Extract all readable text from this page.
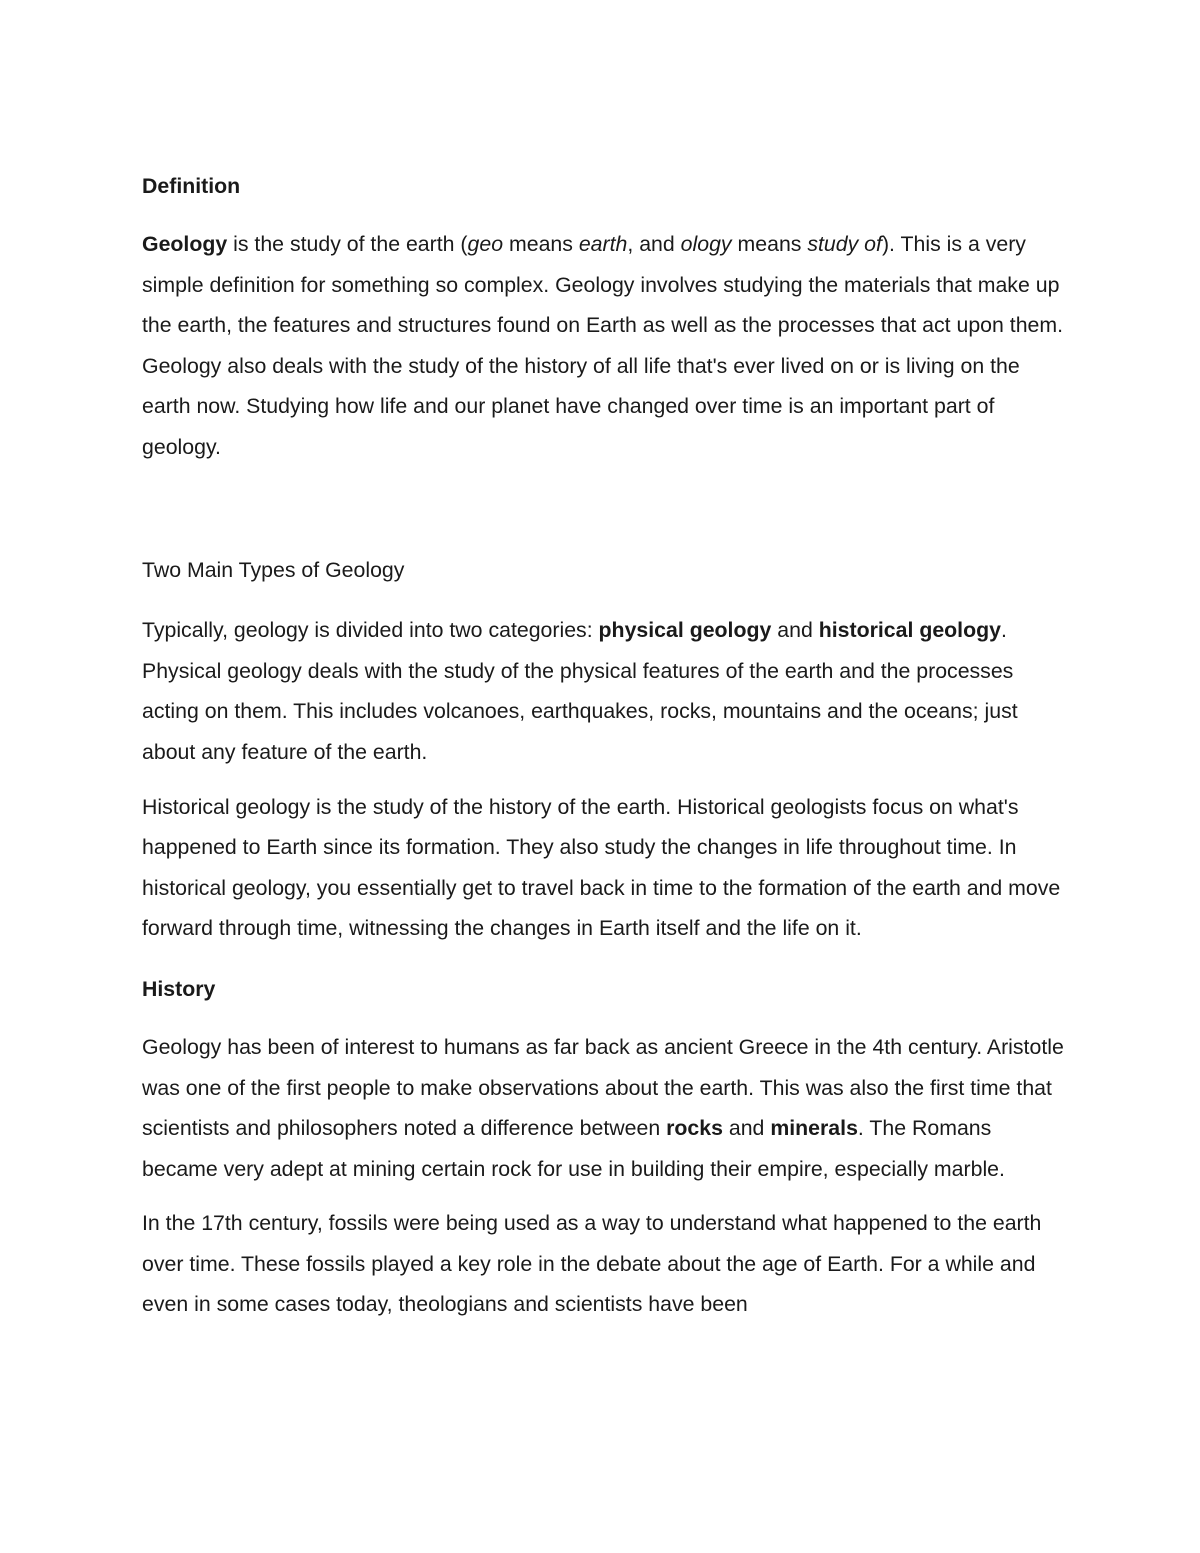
Definition

Geology is the study of the earth (geo means earth, and ology means study of). This is a very simple definition for something so complex. Geology involves studying the materials that make up the earth, the features and structures found on Earth as well as the processes that act upon them. Geology also deals with the study of the history of all life that's ever lived on or is living on the earth now. Studying how life and our planet have changed over time is an important part of geology.

Two Main Types of Geology

Typically, geology is divided into two categories: physical geology and historical geology. Physical geology deals with the study of the physical features of the earth and the processes acting on them. This includes volcanoes, earthquakes, rocks, mountains and the oceans; just about any feature of the earth.

Historical geology is the study of the history of the earth. Historical geologists focus on what's happened to Earth since its formation. They also study the changes in life throughout time. In historical geology, you essentially get to travel back in time to the formation of the earth and move forward through time, witnessing the changes in Earth itself and the life on it.

History

Geology has been of interest to humans as far back as ancient Greece in the 4th century. Aristotle was one of the first people to make observations about the earth. This was also the first time that scientists and philosophers noted a difference between rocks and minerals. The Romans became very adept at mining certain rock for use in building their empire, especially marble.

In the 17th century, fossils were being used as a way to understand what happened to the earth over time. These fossils played a key role in the debate about the age of Earth. For a while and even in some cases today, theologians and scientists have been
